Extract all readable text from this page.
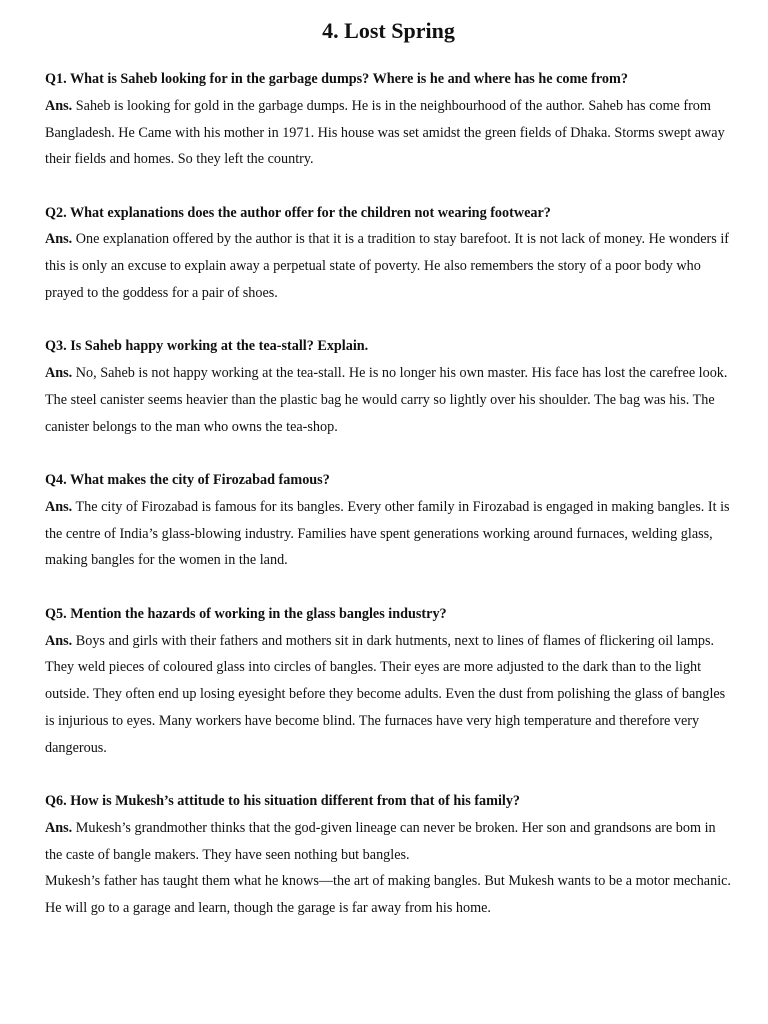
4. Lost Spring

Q1. What is Saheb looking for in the garbage dumps? Where is he and where has he come from?

Ans. Saheb is looking for gold in the garbage dumps. He is in the neighbourhood of the author. Saheb has come from Bangladesh. He Came with his mother in 1971. His house was set amidst the green fields of Dhaka. Storms swept away their fields and homes. So they left the country.

Q2. What explanations does the author offer for the children not wearing footwear?

Ans. One explanation offered by the author is that it is a tradition to stay barefoot. It is not lack of money. He wonders if this is only an excuse to explain away a perpetual state of poverty. He also remembers the story of a poor body who prayed to the goddess for a pair of shoes.

Q3. Is Saheb happy working at the tea-stall? Explain.

Ans. No, Saheb is not happy working at the tea-stall. He is no longer his own master. His face has lost the carefree look. The steel canister seems heavier than the plastic bag he would carry so lightly over his shoulder. The bag was his. The canister belongs to the man who owns the tea-shop.

Q4. What makes the city of Firozabad famous?

Ans. The city of Firozabad is famous for its bangles. Every other family in Firozabad is engaged in making bangles. It is the centre of India’s glass-blowing industry. Families have spent generations working around furnaces, welding glass, making bangles for the women in the land.

Q5. Mention the hazards of working in the glass bangles industry?

Ans. Boys and girls with their fathers and mothers sit in dark hutments, next to lines of flames of flickering oil lamps. They weld pieces of coloured glass into circles of bangles. Their eyes are more adjusted to the dark than to the light outside. They often end up losing eyesight before they become adults. Even the dust from polishing the glass of bangles is injurious to eyes. Many workers have become blind. The furnaces have very high temperature and therefore very dangerous.

Q6. How is Mukesh’s attitude to his situation different from that of his family?

Ans. Mukesh’s grandmother thinks that the god-given lineage can never be broken. Her son and grandsons are bom in the caste of bangle makers. They have seen nothing but bangles.

Mukesh’s father has taught them what he knows—the art of making bangles. But Mukesh wants to be a motor mechanic. He will go to a garage and learn, though the garage is far away from his home.
